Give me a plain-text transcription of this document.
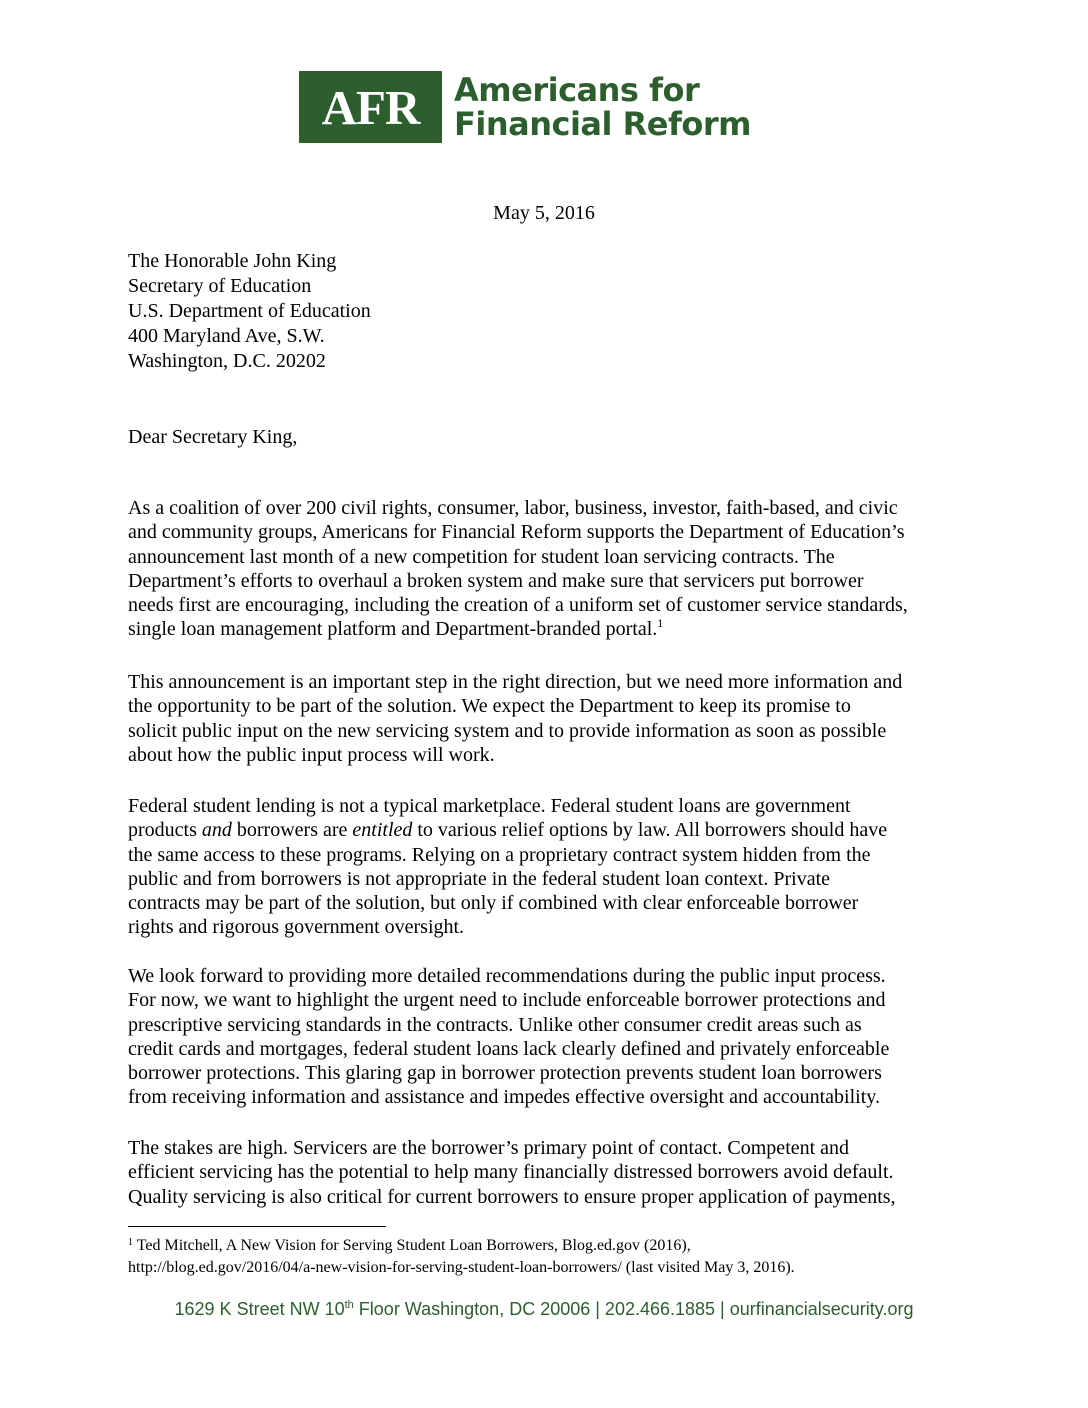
AFR Americans for
Financial Reform
May 5, 2016
The Honorable John King
Secretary of Education
U.S. Department of Education
400 Maryland Ave, S.W.
Washington, D.C. 20202
Dear Secretary King,
As a coalition of over 200 civil rights, consumer, labor, business, investor, faith-based, and civic
and community groups, Americans for Financial Reform supports the Department of Education’s
announcement last month of a new competition for student loan servicing contracts. The
Department’s efforts to overhaul a broken system and make sure that servicers put borrower
needs first are encouraging, including the creation of a uniform set of customer service standards,
single loan management platform and Department-branded portal.$^1$
This announcement is an important step in the right direction, but we need more information and
the opportunity to be part of the solution. We expect the Department to keep its promise to
solicit public input on the new servicing system and to provide information as soon as possible
about how the public input process will work.
Federal student lending is not a typical marketplace. Federal student loans are government
products and borrowers are entitled to various relief options by law. All borrowers should have
the same access to these programs. Relying on a proprietary contract system hidden from the
public and from borrowers is not appropriate in the federal student loan context. Private
contracts may be part of the solution, but only if combined with clear enforceable borrower
rights and rigorous government oversight.
We look forward to providing more detailed recommendations during the public input process.
For now, we want to highlight the urgent need to include enforceable borrower protections and
prescriptive servicing standards in the contracts. Unlike other consumer credit areas such as
credit cards and mortgages, federal student loans lack clearly defined and privately enforceable
borrower protections. This glaring gap in borrower protection prevents student loan borrowers
from receiving information and assistance and impedes effective oversight and accountability.
The stakes are high. Servicers are the borrower’s primary point of contact. Competent and
efficient servicing has the potential to help many financially distressed borrowers avoid default.
Quality servicing is also critical for current borrowers to ensure proper application of payments,
$^1$ Ted Mitchell, A New Vision for Serving Student Loan Borrowers, Blog.ed.gov (2016),
http://blog.ed.gov/2016/04/a-new-vision-for-serving-student-loan-borrowers/ (last visited May 3, 2016).
1629 K Street NW 10th Floor Washington, DC 20006 | 202.466.1885 | ourfinancialsecurity.org
